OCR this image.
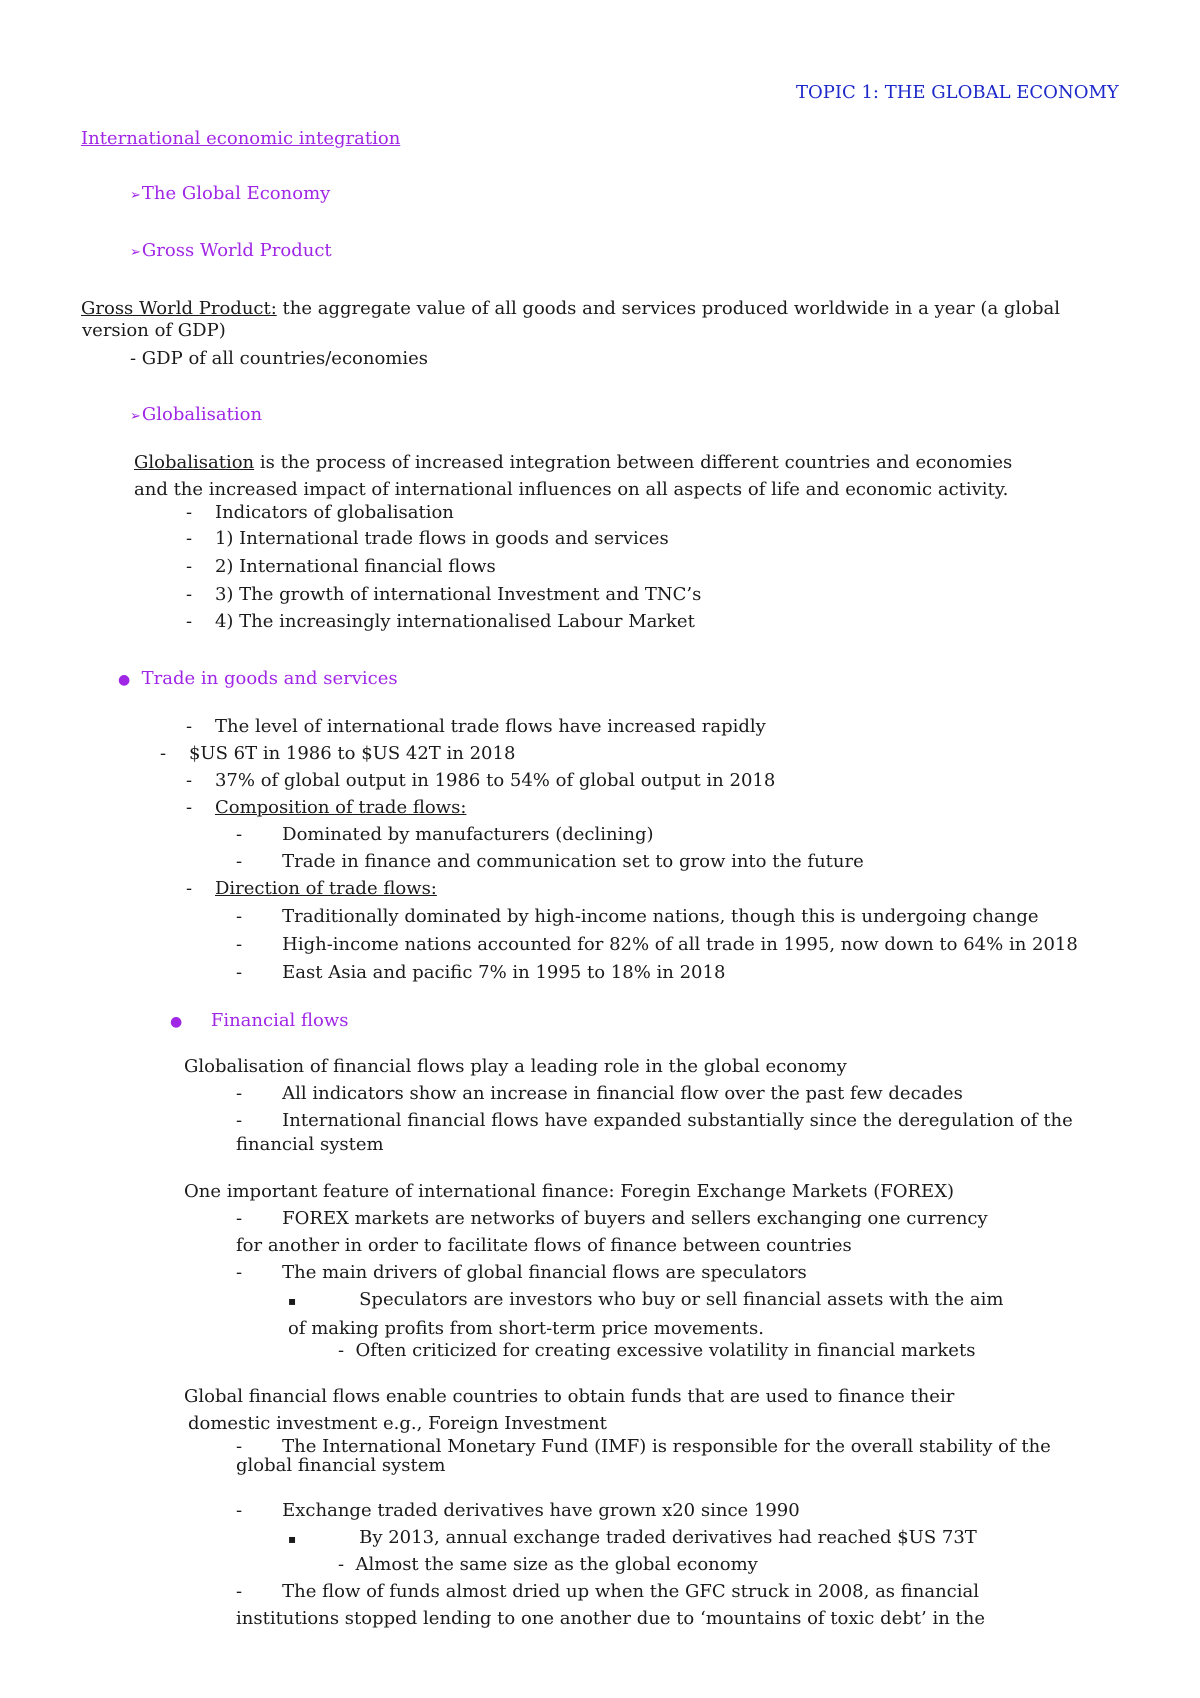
TOPIC 1: THE GLOBAL ECONOMY
International economic integration
➢The Global Economy
➢Gross World Product
Gross World Product: the aggregate value of all goods and services produced worldwide in a year (a global
version of GDP)
- GDP of all countries/economies
➢Globalisation
Globalisation is the process of increased integration between different countries and economies
and the increased impact of international influences on all aspects of life and economic activity.
-    Indicators of globalisation
-    1) International trade flows in goods and services
-    2) International financial flows
-    3) The growth of international Investment and TNC’s
-    4) The increasingly internationalised Labour Market
● Trade in goods and services
-    The level of international trade flows have increased rapidly
-    $US 6T in 1986 to $US 42T in 2018
-    37% of global output in 1986 to 54% of global output in 2018
-    Composition of trade flows:
-       Dominated by manufacturers (declining)
-       Trade in finance and communication set to grow into the future
-    Direction of trade flows:
-       Traditionally dominated by high-income nations, though this is undergoing change
-       High-income nations accounted for 82% of all trade in 1995, now down to 64% in 2018
-       East Asia and pacific 7% in 1995 to 18% in 2018
● Financial flows
Globalisation of financial flows play a leading role in the global economy
-       All indicators show an increase in financial flow over the past few decades
-       International financial flows have expanded substantially since the deregulation of the
financial system
One important feature of international finance: Foregin Exchange Markets (FOREX)
-       FOREX markets are networks of buyers and sellers exchanging one currency
for another in order to facilitate flows of finance between countries
-       The main drivers of global financial flows are speculators
▪	Speculators are investors who buy or sell financial assets with the aim
of making profits from short-term price movements.
-  Often criticized for creating excessive volatility in financial markets
Global financial flows enable countries to obtain funds that are used to finance their
domestic investment e.g., Foreign Investment
-       The International Monetary Fund (IMF) is responsible for the overall stability of the
global financial system
-       Exchange traded derivatives have grown x20 since 1990
▪	By 2013, annual exchange traded derivatives had reached $US 73T
-  Almost the same size as the global economy
-       The flow of funds almost dried up when the GFC struck in 2008, as financial
institutions stopped lending to one another due to ‘mountains of toxic debt’ in the
